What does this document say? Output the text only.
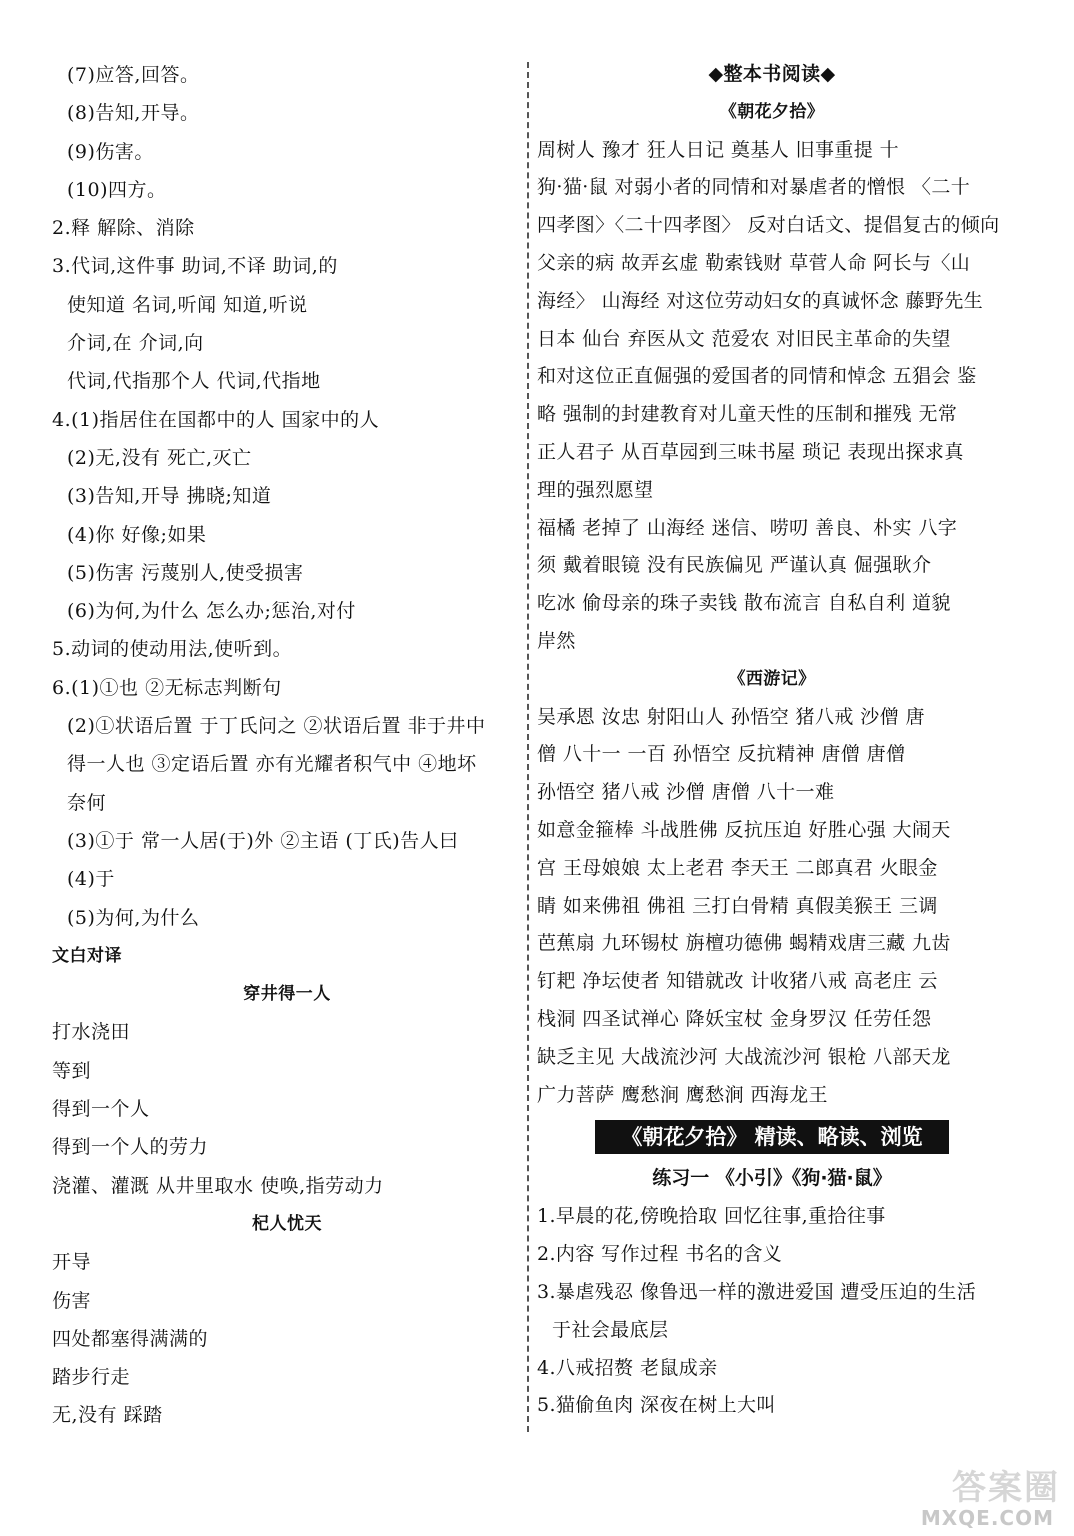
(7)应答,回答。
(8)告知,开导。
(9)伤害。
(10)四方。
2.释 解除、消除
3.代词,这件事 助词,不译 助词,的
使知道 名词,听闻 知道,听说
介词,在 介词,向
代词,代指那个人 代词,代指地
4.(1)指居住在国都中的人 国家中的人
(2)无,没有 死亡,灭亡
(3)告知,开导 拂晓;知道
(4)你 好像;如果
(5)伤害 污蔑别人,使受损害
(6)为何,为什么 怎么办;惩治,对付
5.动词的使动用法,使听到。
6.(1)①也 ②无标志判断句
(2)①状语后置 于丁氏问之 ②状语后置 非于井中
得一人也 ③定语后置 亦有光耀者积气中 ④地坏
奈何
(3)①于 常一人居(于)外 ②主语 (丁氏)告人曰
(4)于
(5)为何,为什么
文白对译
穿井得一人
打水浇田
等到
得到一个人
得到一个人的劳力
浇灌、灌溉 从井里取水 使唤,指劳动力
杞人忧天
开导
伤害
四处都塞得满满的
踏步行走
无,没有 踩踏
◆整本书阅读◆
《朝花夕拾》
周树人 豫才 狂人日记 奠基人 旧事重提 十
狗·猫·鼠 对弱小者的同情和对暴虐者的憎恨 〈二十
四孝图〉〈二十四孝图〉 反对白话文、提倡复古的倾向
父亲的病 故弄玄虚 勒索钱财 草菅人命 阿长与〈山
海经〉 山海经 对这位劳动妇女的真诚怀念 藤野先生
日本 仙台 弃医从文 范爱农 对旧民主革命的失望
和对这位正直倔强的爱国者的同情和悼念 五猖会 鉴
略 强制的封建教育对儿童天性的压制和摧残 无常
正人君子 从百草园到三味书屋 琐记 表现出探求真
理的强烈愿望
福橘 老掉了 山海经 迷信、唠叨 善良、朴实 八字
须 戴着眼镜 没有民族偏见 严谨认真 倔强耿介
吃冰 偷母亲的珠子卖钱 散布流言 自私自利 道貌
岸然
《西游记》
吴承恩 汝忠 射阳山人 孙悟空 猪八戒 沙僧 唐
僧 八十一 一百 孙悟空 反抗精神 唐僧 唐僧
孙悟空 猪八戒 沙僧 唐僧 八十一难
如意金箍棒 斗战胜佛 反抗压迫 好胜心强 大闹天
宫 王母娘娘 太上老君 李天王 二郎真君 火眼金
睛 如来佛祖 佛祖 三打白骨精 真假美猴王 三调
芭蕉扇 九环锡杖 旃檀功德佛 蝎精戏唐三藏 九齿
钉耙 净坛使者 知错就改 计收猪八戒 高老庄 云
栈洞 四圣试禅心 降妖宝杖 金身罗汉 任劳任怨
缺乏主见 大战流沙河 大战流沙河 银枪 八部天龙
广力菩萨 鹰愁涧 鹰愁涧 西海龙王
《朝花夕拾》 精读、略读、浏览
练习一 《小引》《狗·猫·鼠》
1.早晨的花,傍晚拾取 回忆往事,重拾往事
2.内容 写作过程 书名的含义
3.暴虐残忍 像鲁迅一样的激进爱国 遭受压迫的生活
于社会最底层
4.八戒招赘 老鼠成亲
5.猫偷鱼肉 深夜在树上大叫
答案圈
MXQE.COM
